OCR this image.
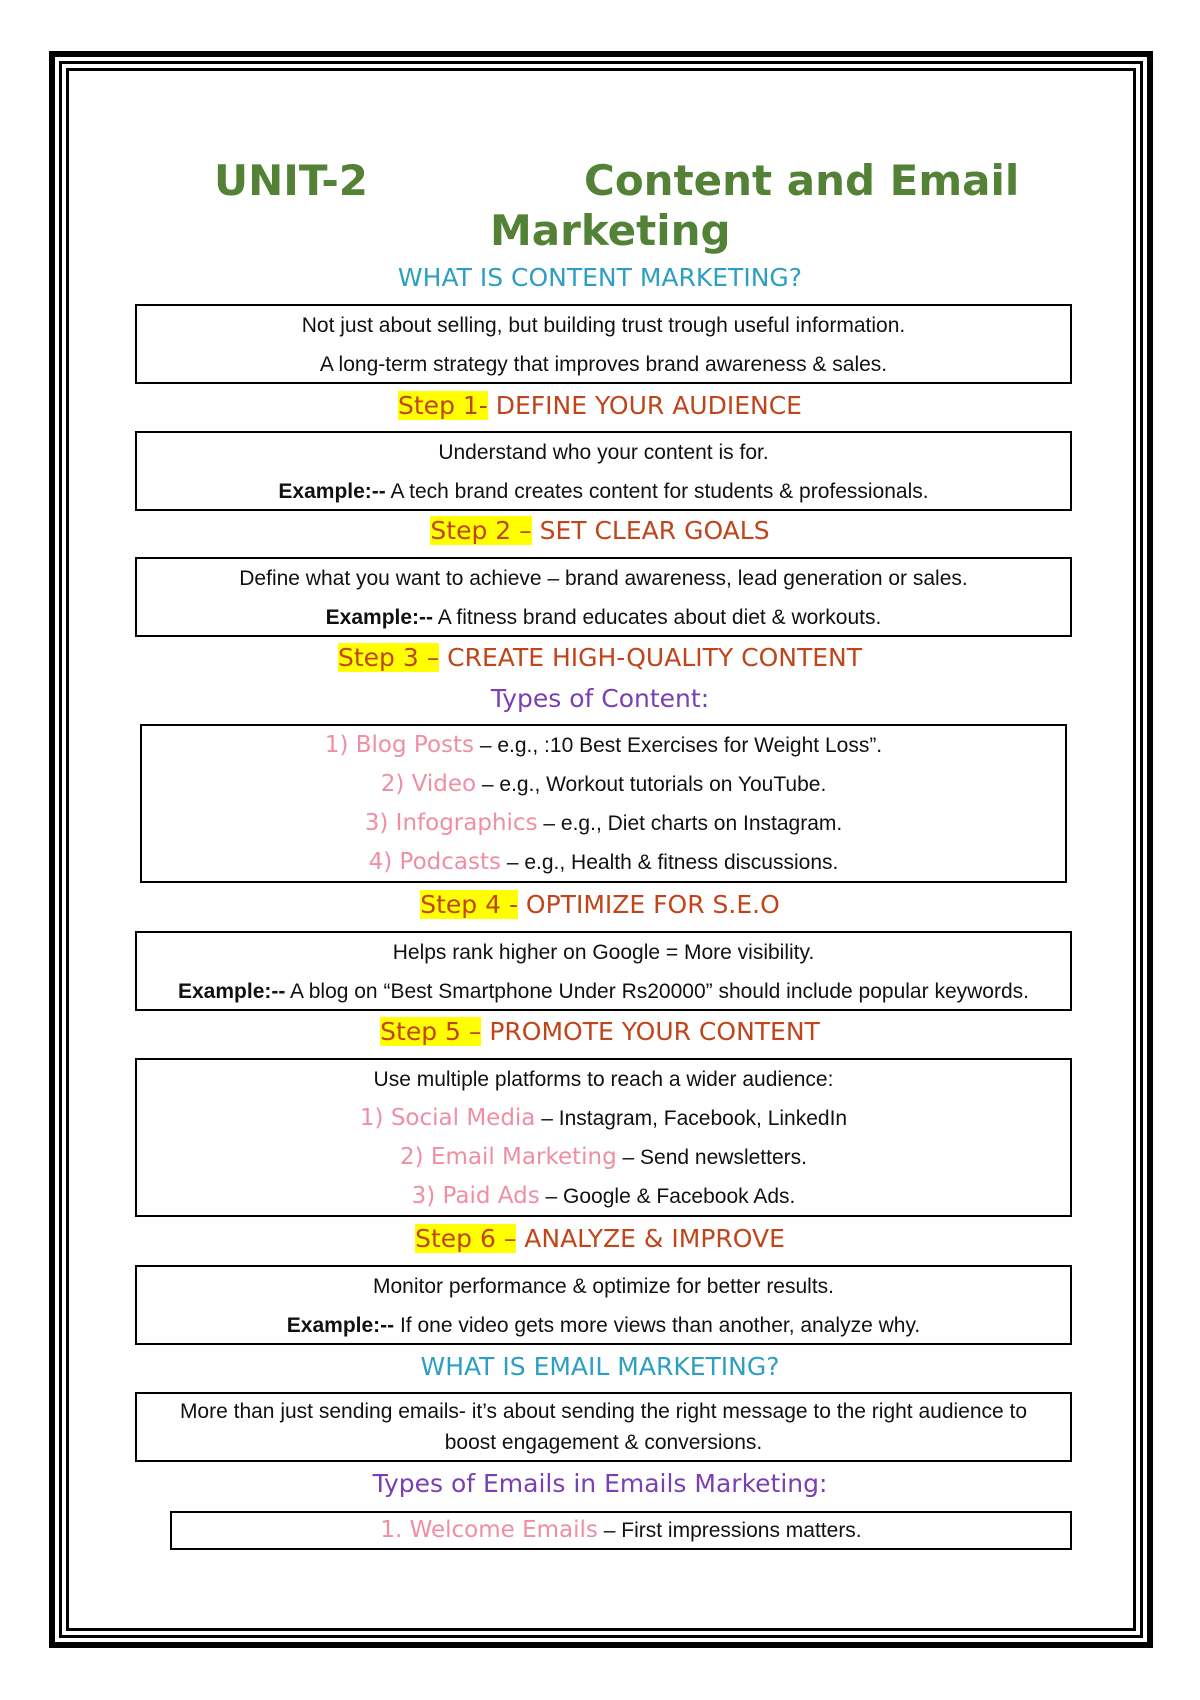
UNIT-2	Content and Email
Marketing
WHAT IS CONTENT MARKETING?

Not just about selling, but building trust trough useful information.

A long-term strategy that improves brand awareness & sales.

Step 1- DEFINE YOUR AUDIENCE

Understand who your content is for.

Example:-- A tech brand creates content for students & professionals.

Step 2 – SET CLEAR GOALS

Define what you want to achieve – brand awareness, lead generation or sales.

Example:-- A fitness brand educates about diet & workouts.

Step 3 – CREATE HIGH-QUALITY CONTENT
Types of Content:

1) Blog Posts – e.g., :10 Best Exercises for Weight Loss”.

2) Video – e.g., Workout tutorials on YouTube.

3) Infographics – e.g., Diet charts on Instagram.

4) Podcasts – e.g., Health & fitness discussions.

Step 4 - OPTIMIZE FOR S.E.O

Helps rank higher on Google = More visibility.

Example:-- A blog on “Best Smartphone Under Rs20000” should include popular keywords.

Step 5 – PROMOTE YOUR CONTENT

Use multiple platforms to reach a wider audience:

1) Social Media – Instagram, Facebook, LinkedIn

2) Email Marketing – Send newsletters.

3) Paid Ads – Google & Facebook Ads.

Step 6 – ANALYZE & IMPROVE

Monitor performance & optimize for better results.

Example:-- If one video gets more views than another, analyze why.

WHAT IS EMAIL MARKETING?

More than just sending emails- it’s about sending the right message to the right audience to

boost engagement & conversions.

Types of Emails in Emails Marketing:

1. Welcome Emails – First impressions matters.
